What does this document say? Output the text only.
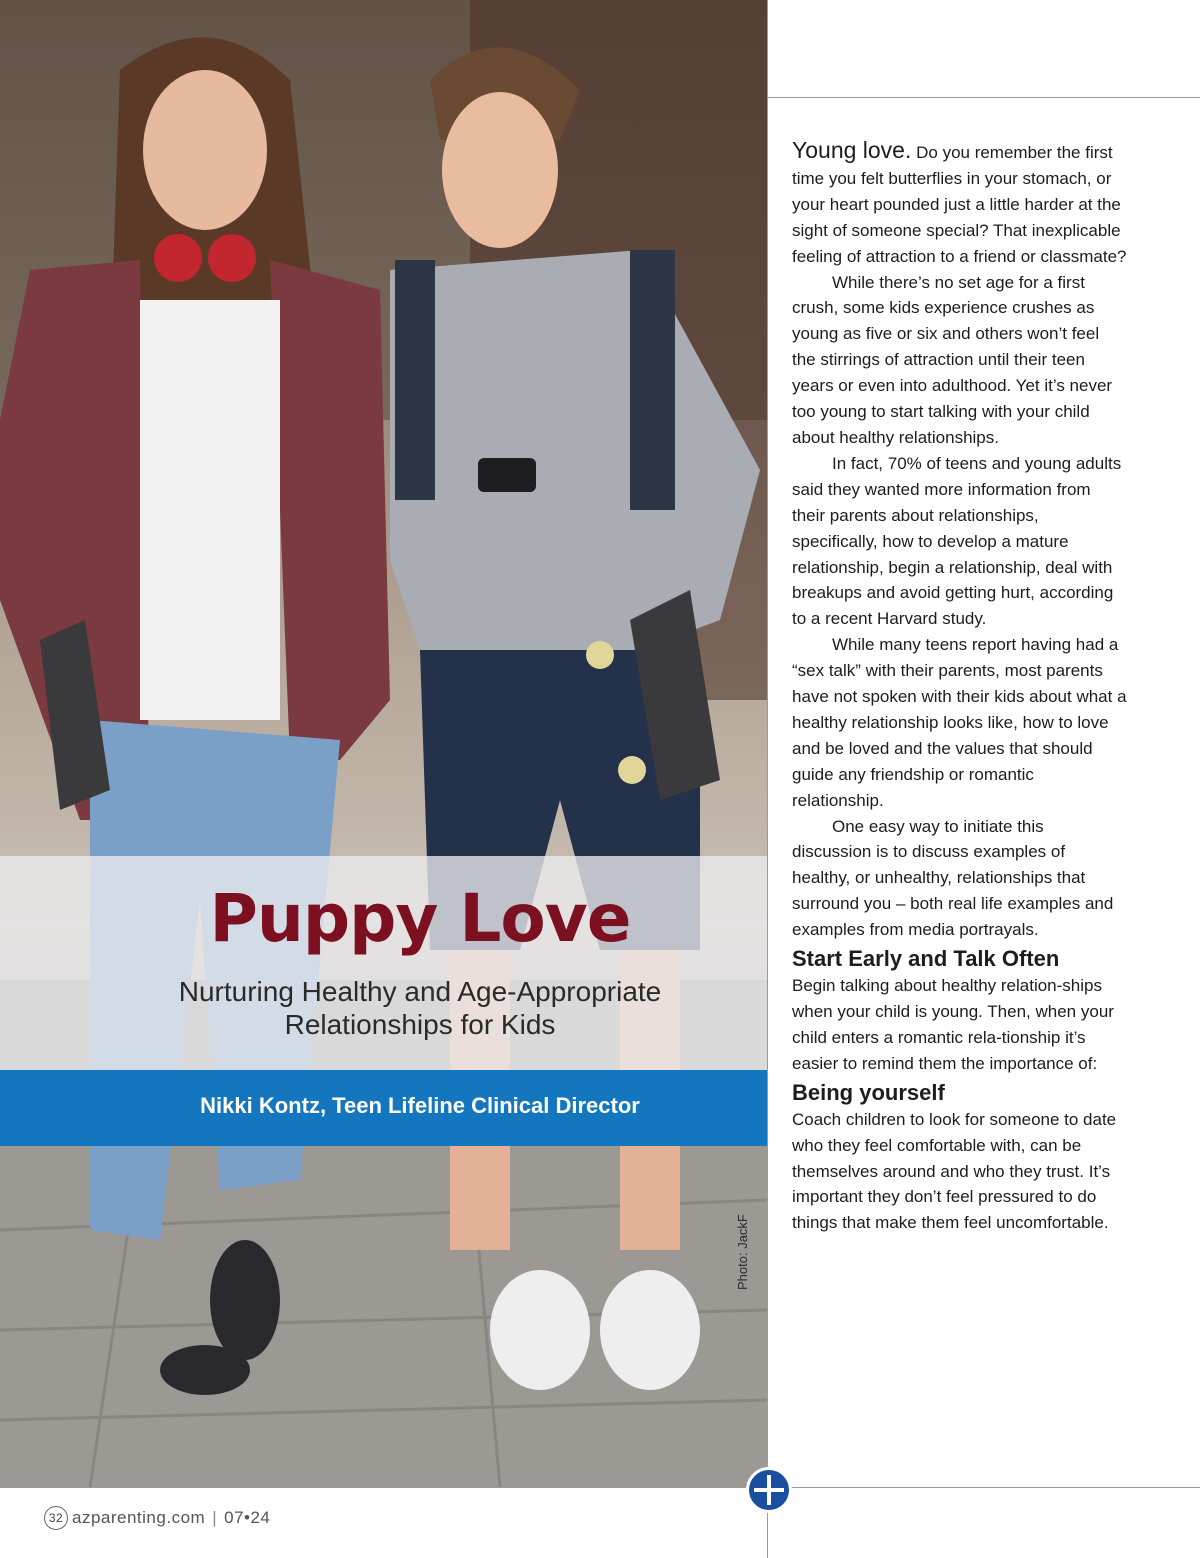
Puppy Love
Nurturing Healthy and Age-Appropriate Relationships for Kids
Nikki Kontz, Teen Lifeline Clinical Director
Photo: JackF

Young love. Do you remember the first time you felt butterflies in your stomach, or your heart pounded just a little harder at the sight of someone special? That inexplicable feeling of attraction to a friend or classmate?

While there’s no set age for a first crush, some kids experience crushes as young as five or six and others won’t feel the stirrings of attraction until their teen years or even into adulthood. Yet it’s never too young to start talking with your child about healthy relationships.

In fact, 70% of teens and young adults said they wanted more information from their parents about relationships, specifically, how to develop a mature relationship, begin a relationship, deal with breakups and avoid getting hurt, according to a recent Harvard study.

While many teens report having had a “sex talk” with their parents, most parents have not spoken with their kids about what a healthy relationship looks like, how to love and be loved and the values that should guide any friendship or romantic relationship.

One easy way to initiate this discussion is to discuss examples of healthy, or unhealthy, relationships that surround you – both real life examples and examples from media portrayals.

Start Early and Talk Often

Begin talking about healthy relation-ships when your child is young. Then, when your child enters a romantic rela-tionship it’s easier to remind them the importance of:

Being yourself

Coach children to look for someone to date who they feel comfortable with, can be themselves around and who they trust. It’s important they don’t feel pressured to do things that make them feel uncomfortable.

32 azparenting.com | 07•24
